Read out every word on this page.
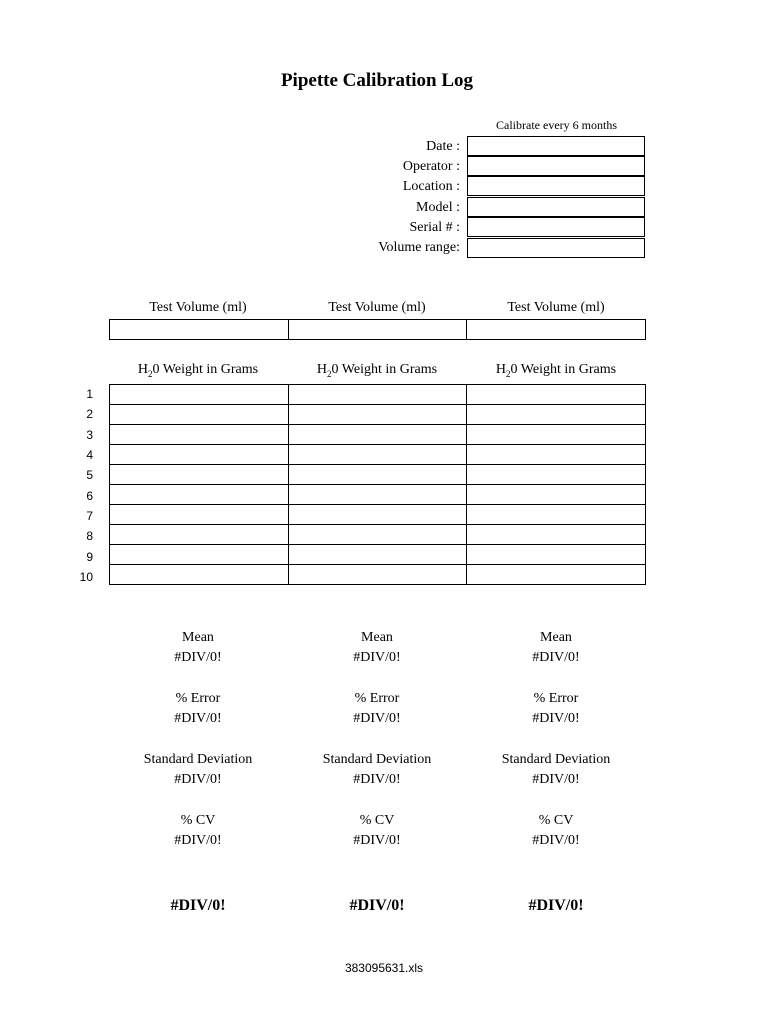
Pipette Calibration Log
Calibrate every 6 months
Date :
Operator :
Location :
Model :
Serial # :
Volume range:
Test Volume (ml)	Test Volume (ml)	Test Volume (ml)
$H_20$ Weight in Grams	$H_20$ Weight in Grams	$H_20$ Weight in Grams
1
2
3
4
5
6
7
8
9
10

Mean	Mean	Mean
#DIV/0!	#DIV/0!	#DIV/0!
% Error	% Error	% Error
#DIV/0!	#DIV/0!	#DIV/0!
Standard Deviation	Standard Deviation	Standard Deviation
#DIV/0!	#DIV/0!	#DIV/0!
% CV	% CV	% CV
#DIV/0!	#DIV/0!	#DIV/0!
#DIV/0!	#DIV/0!	#DIV/0!
383095631.xls
